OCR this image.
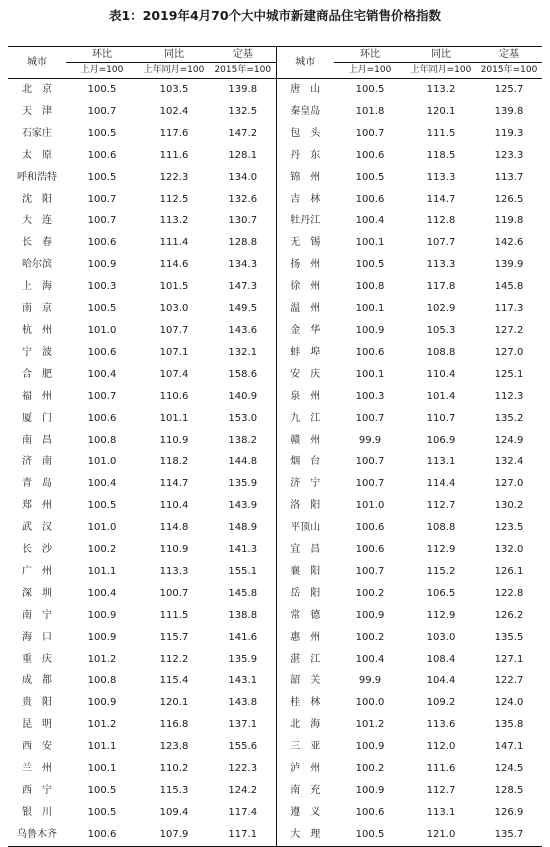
表1：2019年4月70个大中城市新建商品住宅销售价格指数
城市	环比	同比	定基	城市	环比	同比	定基
	上月=100	上年同月=100	2015年=100		上月=100	上年同月=100	2015年=100
北　京	100.5	103.5	139.8	唐　山	100.5	113.2	125.7
天　津	100.7	102.4	132.5	秦皇岛	101.8	120.1	139.8
石家庄	100.5	117.6	147.2	包　头	100.7	111.5	119.3
太　原	100.6	111.6	128.1	丹　东	100.6	118.5	123.3
呼和浩特	100.5	122.3	134.0	锦　州	100.5	113.3	113.7
沈　阳	100.7	112.5	132.6	吉　林	100.6	114.7	126.5
大　连	100.7	113.2	130.7	牡丹江	100.4	112.8	119.8
长　春	100.6	111.4	128.8	无　锡	100.1	107.7	142.6
哈尔滨	100.9	114.6	134.3	扬　州	100.5	113.3	139.9
上　海	100.3	101.5	147.3	徐　州	100.8	117.8	145.8
南　京	100.5	103.0	149.5	温　州	100.1	102.9	117.3
杭　州	101.0	107.7	143.6	金　华	100.9	105.3	127.2
宁　波	100.6	107.1	132.1	蚌　埠	100.6	108.8	127.0
合　肥	100.4	107.4	158.6	安　庆	100.1	110.4	125.1
福　州	100.7	110.6	140.9	泉　州	100.3	101.4	112.3
厦　门	100.6	101.1	153.0	九　江	100.7	110.7	135.2
南　昌	100.8	110.9	138.2	赣　州	99.9	106.9	124.9
济　南	101.0	118.2	144.8	烟　台	100.7	113.1	132.4
青　岛	100.4	114.7	135.9	济　宁	100.7	114.4	127.0
郑　州	100.5	110.4	143.9	洛　阳	101.0	112.7	130.2
武　汉	101.0	114.8	148.9	平顶山	100.6	108.8	123.5
长　沙	100.2	110.9	141.3	宜　昌	100.6	112.9	132.0
广　州	101.1	113.3	155.1	襄　阳	100.7	115.2	126.1
深　圳	100.4	100.7	145.8	岳　阳	100.2	106.5	122.8
南　宁	100.9	111.5	138.8	常　德	100.9	112.9	126.2
海　口	100.9	115.7	141.6	惠　州	100.2	103.0	135.5
重　庆	101.2	112.2	135.9	湛　江	100.4	108.4	127.1
成　都	100.8	115.4	143.1	韶　关	99.9	104.4	122.7
贵　阳	100.9	120.1	143.8	桂　林	100.0	109.2	124.0
昆　明	101.2	116.8	137.1	北　海	101.2	113.6	135.8
西　安	101.1	123.8	155.6	三　亚	100.9	112.0	147.1
兰　州	100.1	110.2	122.3	泸　州	100.2	111.6	124.5
西　宁	100.5	115.3	124.2	南　充	100.9	112.7	128.5
银　川	100.5	109.4	117.4	遵　义	100.6	113.1	126.9
乌鲁木齐	100.6	107.9	117.1	大　理	100.5	121.0	135.7
